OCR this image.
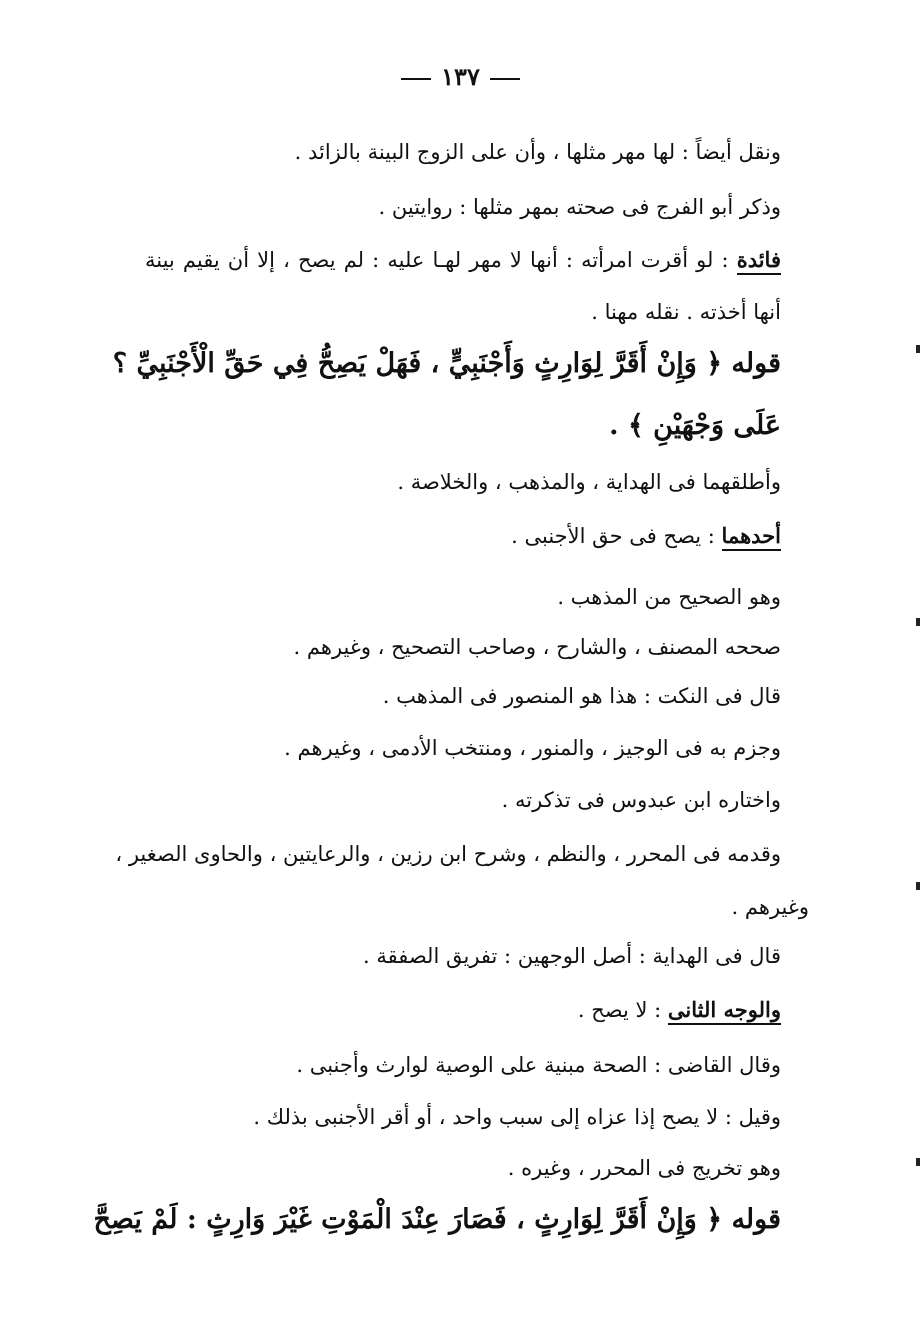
١٣٧
ونقل أيضاً : لها مهر مثلها ، وأن على الزوج البينة بالزائد .
وذكر أبو الفرج فى صحته بمهر مثلها : روايتين .
فائدة : لو أقرت امرأته : أنها لا مهر لهـا عليه : لم يصح ، إلا أن يقيم بينة
أنها أخذته . نقله مهنا .
قوله ﴿ وَإِنْ أَقَرَّ لِوَارِثٍ وَأَجْنَبِيٍّ ، فَهَلْ يَصِحُّ فِي حَقِّ الْأَجْنَبِيِّ ؟
عَلَى وَجْهَيْنِ ﴾ .
وأطلقهما فى الهداية ، والمذهب ، والخلاصة .
أحدهما : يصح فى حق الأجنبى .
وهو الصحيح من المذهب .
صححه المصنف ، والشارح ، وصاحب التصحيح ، وغيرهم .
قال فى النكت : هذا هو المنصور فى المذهب .
وجزم به فى الوجيز ، والمنور ، ومنتخب الأدمى ، وغيرهم .
واختاره ابن عبدوس فى تذكرته .
وقدمه فى المحرر ، والنظم ، وشرح ابن رزين ، والرعايتين ، والحاوى الصغير ،
وغيرهم .
قال فى الهداية : أصل الوجهين : تفريق الصفقة .
والوجه الثانى : لا يصح .
وقال القاضى : الصحة مبنية على الوصية لوارث وأجنبى .
وقيل : لا يصح إذا عزاه إلى سبب واحد ، أو أقر الأجنبى بذلك .
وهو تخريج فى المحرر ، وغيره .
قوله ﴿ وَإِنْ أَقَرَّ لِوَارِثٍ ، فَصَارَ عِنْدَ الْمَوْتِ غَيْرَ وَارِثٍ : لَمْ يَصِحَّ
